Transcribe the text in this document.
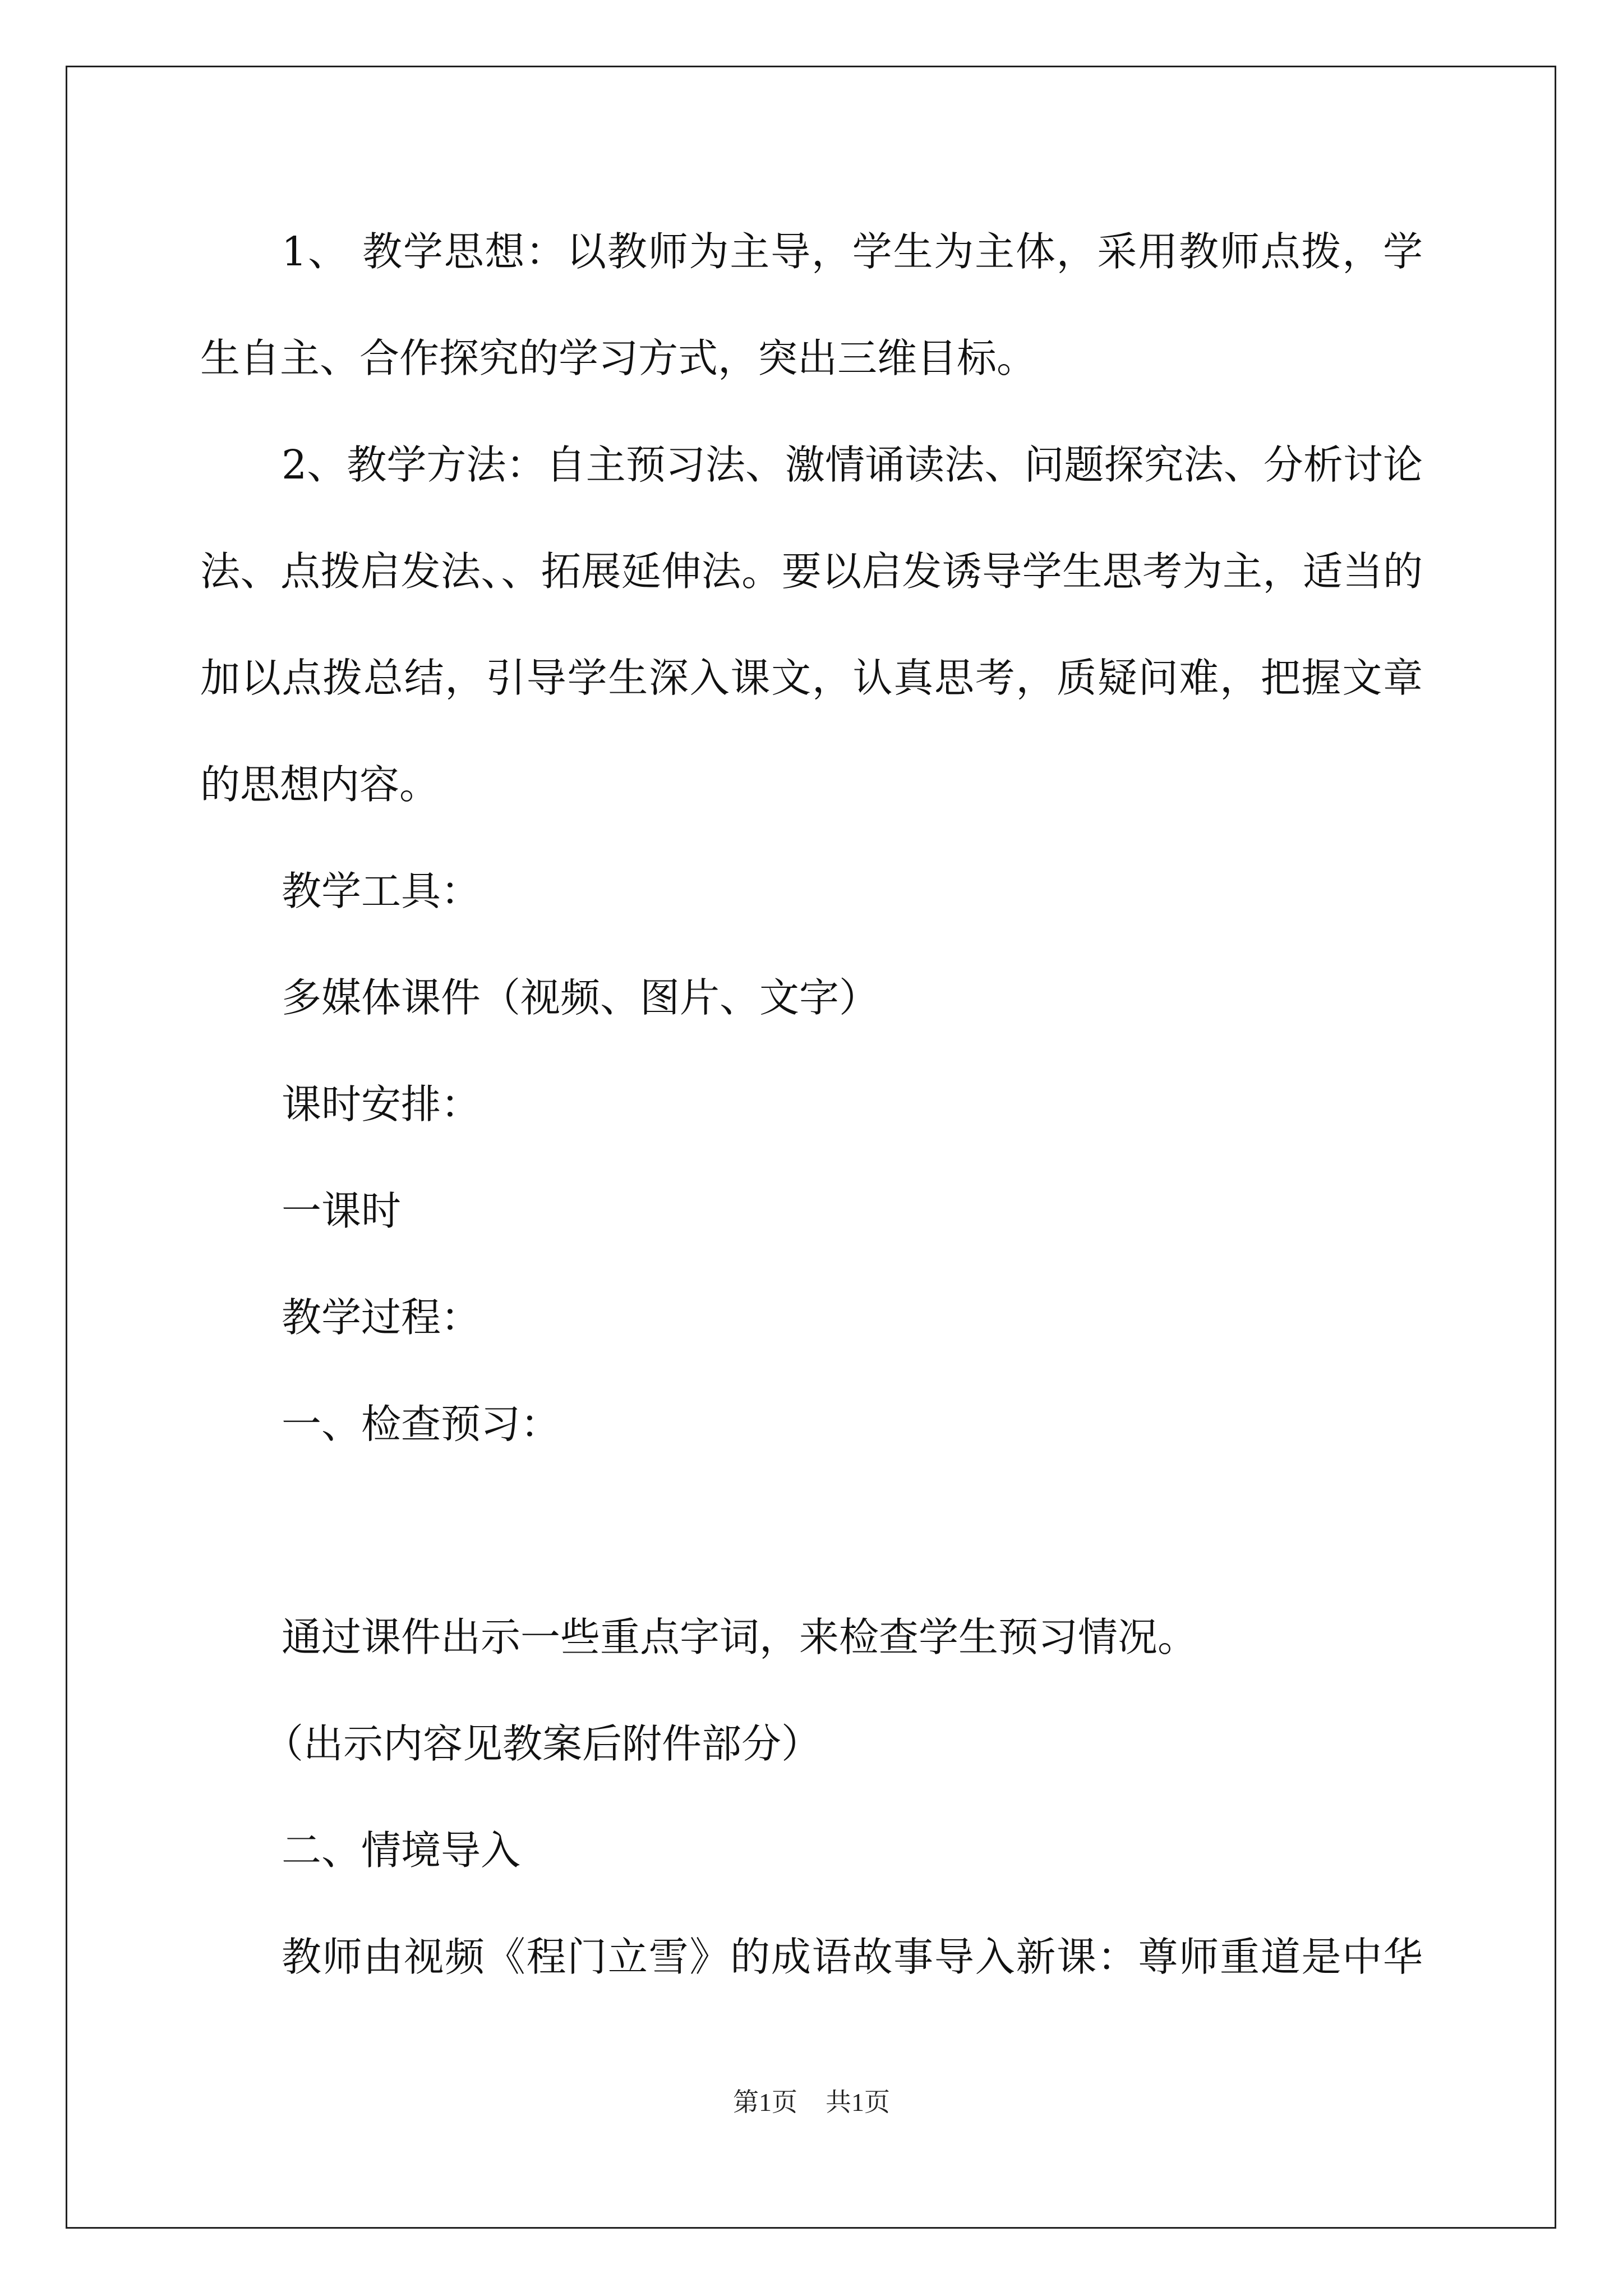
1、 教学思想：以教师为主导，学生为主体，采用教师点拨，学
生自主、合作探究的学习方式，突出三维目标。
2、教学方法：自主预习法、激情诵读法、问题探究法、分析讨论
法、点拨启发法、、拓展延伸法。要以启发诱导学生思考为主，适当的
加以点拨总结，引导学生深入课文，认真思考，质疑问难，把握文章
的思想内容。
教学工具：
多媒体课件（视频、图片、文字）
课时安排：
一课时
教学过程：
一、检查预习：
通过课件出示一些重点字词，来检查学生预习情况。
（出示内容见教案后附件部分）
二、情境导入
教师由视频《程门立雪》的成语故事导入新课：尊师重道是中华
第1页 共1页
